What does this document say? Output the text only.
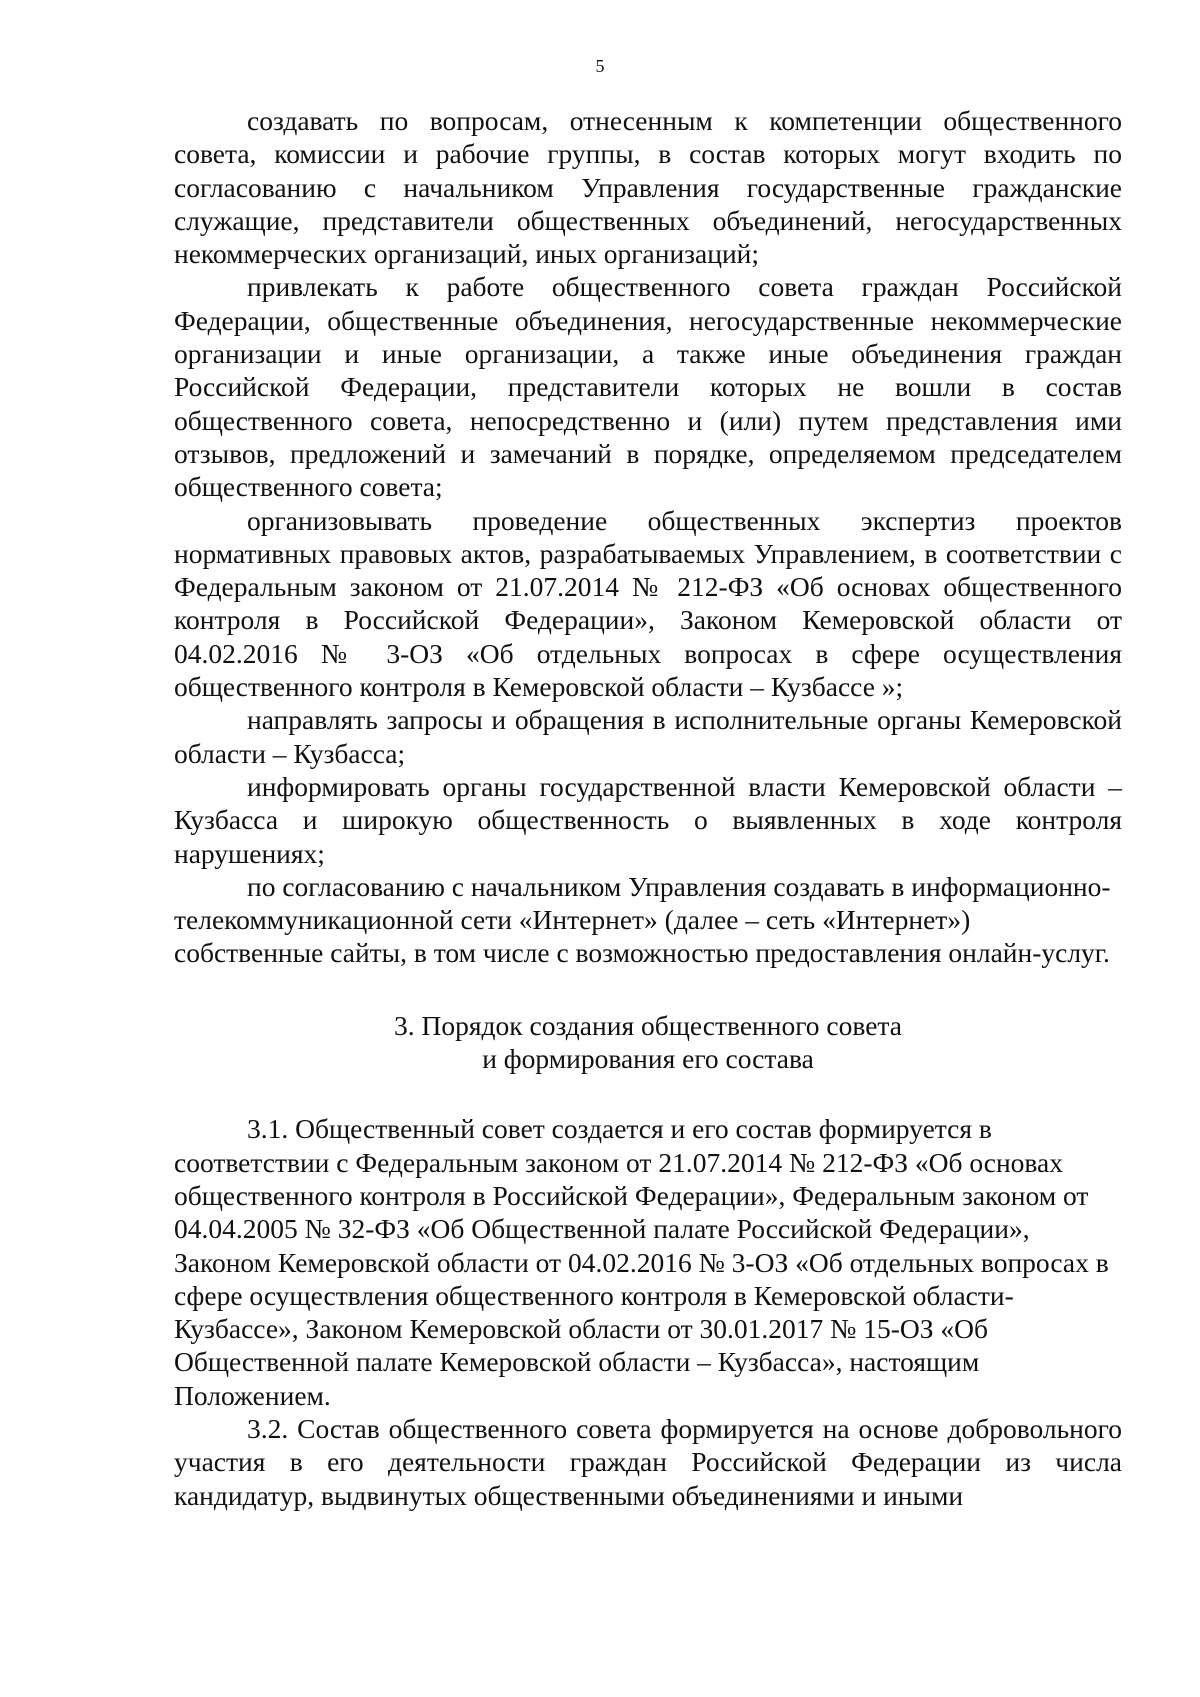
5

создавать по вопросам, отнесенным к компетенции общественного совета, комиссии и рабочие группы, в состав которых могут входить по согласованию с начальником Управления государственные гражданские служащие, представители общественных объединений, негосударственных некоммерческих организаций, иных организаций;

привлекать к работе общественного совета граждан Российской Федерации, общественные объединения, негосударственные некоммерческие организации и иные организации, а также иные объединения граждан Российской Федерации, представители которых не вошли в состав общественного совета, непосредственно и (или) путем представления ими отзывов, предложений и замечаний в порядке, определяемом председателем общественного совета;

организовывать проведение общественных экспертиз проектов нормативных правовых актов, разрабатываемых Управлением, в соответствии с Федеральным законом от 21.07.2014 № 212-ФЗ «Об основах общественного контроля в Российской Федерации», Законом Кемеровской области от 04.02.2016 № 3-ОЗ «Об отдельных вопросах в сфере осуществления общественного контроля в Кемеровской области – Кузбассе »;

направлять запросы и обращения в исполнительные органы Кемеровской области – Кузбасса;

информировать органы государственной власти Кемеровской области – Кузбасса и широкую общественность о выявленных в ходе контроля нарушениях;

по согласованию с начальником Управления создавать в информационно-телекоммуникационной сети «Интернет» (далее – сеть «Интернет») собственные сайты, в том числе с возможностью предоставления онлайн-услуг.

3. Порядок создания общественного совета
и формирования его состава

3.1. Общественный совет создается и его состав формируется в соответствии с Федеральным законом от 21.07.2014 № 212-ФЗ «Об основах общественного контроля в Российской Федерации», Федеральным законом от 04.04.2005 № 32-ФЗ «Об Общественной палате Российской Федерации», Законом Кемеровской области от 04.02.2016 № 3-ОЗ «Об отдельных вопросах в сфере осуществления общественного контроля в Кемеровской области- Кузбассе», Законом Кемеровской области от 30.01.2017 № 15-ОЗ «Об Общественной палате Кемеровской области – Кузбасса», настоящим Положением.

3.2. Состав общественного совета формируется на основе добровольного участия в его деятельности граждан Российской Федерации из числа кандидатур, выдвинутых общественными объединениями и иными
